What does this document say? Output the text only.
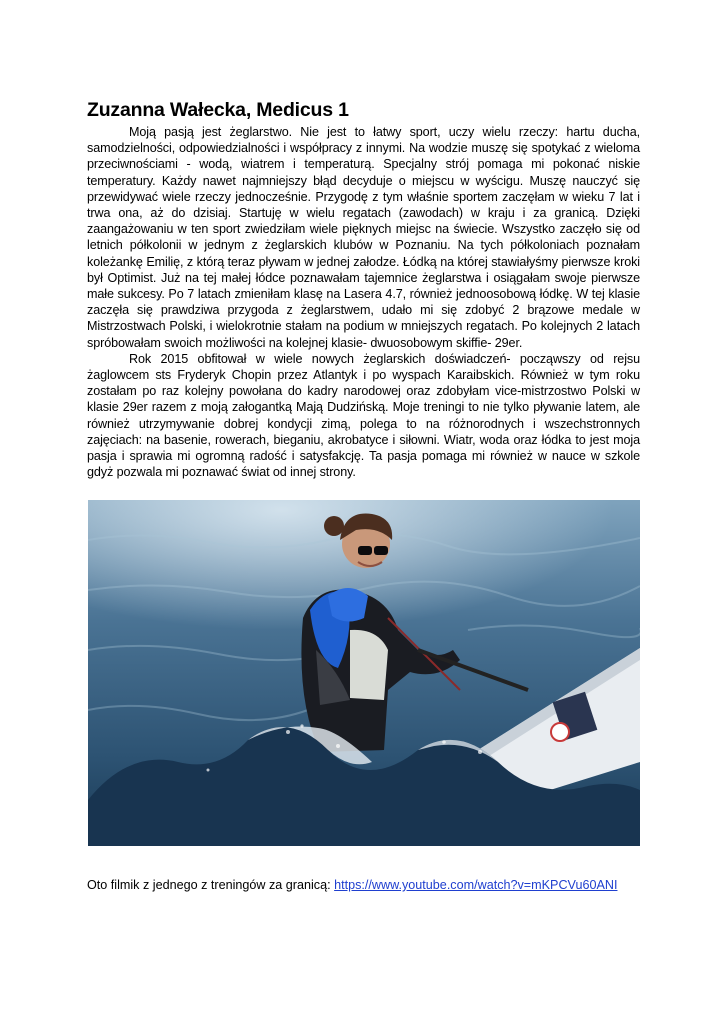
Zuzanna Wałecka, Medicus 1

Moją pasją jest żeglarstwo. Nie jest to łatwy sport, uczy wielu rzeczy: hartu ducha, samodzielności, odpowiedzialności i współpracy z innymi. Na wodzie muszę się spotykać z wieloma przeciwnościami - wodą, wiatrem i temperaturą. Specjalny strój pomaga mi pokonać niskie temperatury. Każdy nawet najmniejszy błąd decyduje o miejscu w wyścigu. Muszę nauczyć się przewidywać wiele rzeczy jednocześnie. Przygodę z tym właśnie sportem zaczęłam w wieku 7 lat i trwa ona, aż do dzisiaj. Startuję w wielu regatach (zawodach) w kraju i za granicą. Dzięki zaangażowaniu w ten sport zwiedziłam wiele pięknych miejsc na świecie. Wszystko zaczęło się od letnich półkolonii w jednym z żeglarskich klubów w Poznaniu. Na tych półkoloniach poznałam koleżankę Emilię, z którą teraz pływam w jednej załodze. Łódką na której stawiałyśmy pierwsze kroki był Optimist. Już na tej małej łódce poznawałam tajemnice żeglarstwa i osiągałam swoje pierwsze małe sukcesy. Po 7 latach zmieniłam klasę na Lasera 4.7, również jednoosobową łódkę. W tej klasie zaczęła się prawdziwa przygoda z żeglarstwem, udało mi się zdobyć 2 brązowe medale w Mistrzostwach Polski, i wielokrotnie stałam na podium w mniejszych regatach. Po kolejnych 2 latach spróbowałam swoich możliwości na kolejnej klasie- dwuosobowym skiffie- 29er.

Rok 2015 obfitował w wiele nowych żeglarskich doświadczeń- począwszy od rejsu żaglowcem sts Fryderyk Chopin przez Atlantyk i po wyspach Karaibskich. Również w tym roku zostałam po raz kolejny powołana do kadry narodowej oraz zdobyłam vice-mistrzostwo Polski w klasie 29er razem z moją załogantką Mają Dudzińską. Moje treningi to nie tylko pływanie latem, ale również utrzymywanie dobrej kondycji zimą, polega to na różnorodnych i wszechstronnych zajęciach: na basenie, rowerach, bieganiu, akrobatyce i siłowni. Wiatr, woda oraz łódka to jest moja pasja i sprawia mi ogromną radość i satysfakcję. Ta pasja pomaga mi również w nauce w szkole gdyż pozwala mi poznawać świat od innej strony.

Oto filmik z jednego z treningów za granicą: https://www.youtube.com/watch?v=mKPCVu60ANI
